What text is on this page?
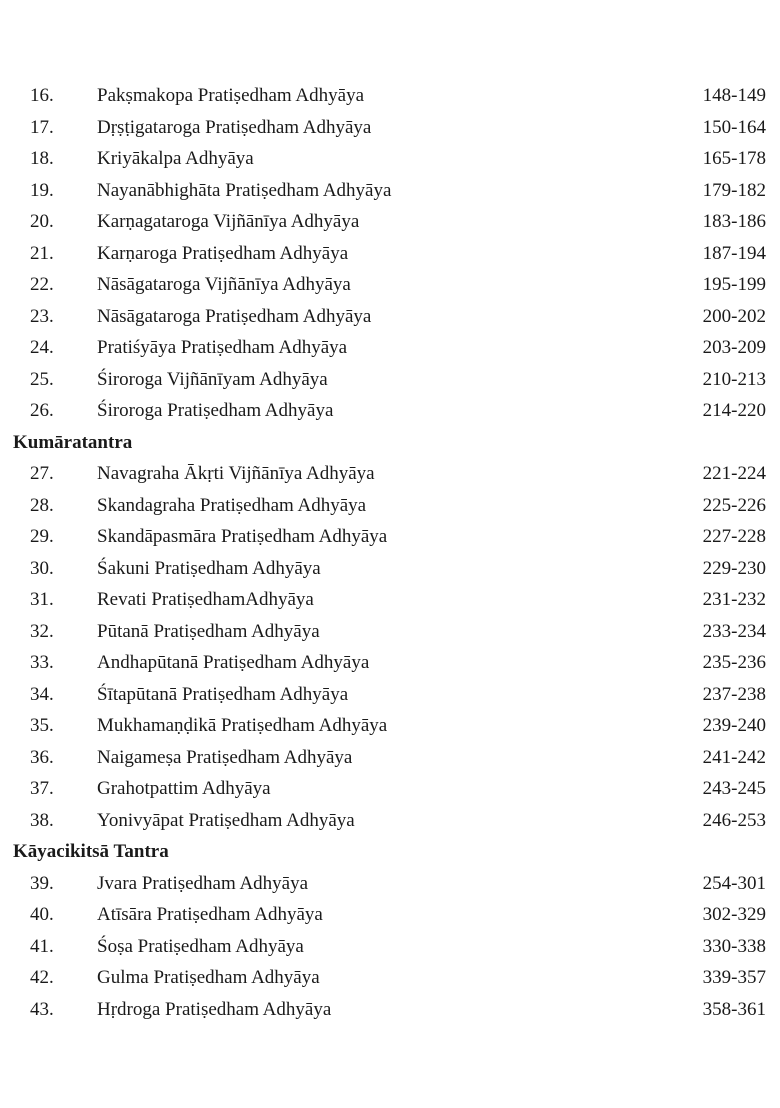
16. Pakṣmakopa Pratiṣedham Adhyāya	148-149
17. Dṛṣṭigataroga Pratiṣedham Adhyāya	150-164
18. Kriyākalpa Adhyāya	165-178
19. Nayanābhighāta Pratiṣedham Adhyāya	179-182
20. Karṇagataroga Vijñānīya Adhyāya	183-186
21. Karṇaroga Pratiṣedham Adhyāya	187-194
22. Nāsāgataroga Vijñānīya Adhyāya	195-199
23. Nāsāgataroga Pratiṣedham Adhyāya	200-202
24. Pratiśyāya Pratiṣedham Adhyāya	203-209
25. Śiroroga Vijñānīyam Adhyāya	210-213
26. Śiroroga Pratiṣedham Adhyāya	214-220
Kumāratantra
27. Navagraha Ākṛti Vijñānīya Adhyāya	221-224
28. Skandagraha Pratiṣedham Adhyāya	225-226
29. Skandāpasmāra Pratiṣedham Adhyāya	227-228
30. Śakuni Pratiṣedham Adhyāya	229-230
31. Revati PratiṣedhamAdhyāya	231-232
32. Pūtanā Pratiṣedham Adhyāya	233-234
33. Andhapūtanā Pratiṣedham Adhyāya	235-236
34. Śītapūtanā Pratiṣedham Adhyāya	237-238
35. Mukhamaṇḍikā Pratiṣedham Adhyāya	239-240
36. Naigameṣa Pratiṣedham Adhyāya	241-242
37. Grahotpattim Adhyāya	243-245
38. Yonivyāpat Pratiṣedham Adhyāya	246-253
Kāyacikitsā Tantra
39. Jvara Pratiṣedham Adhyāya	254-301
40. Atīsāra Pratiṣedham Adhyāya	302-329
41. Śoṣa Pratiṣedham Adhyāya	330-338
42. Gulma Pratiṣedham Adhyāya	339-357
43. Hṛdroga Pratiṣedham Adhyāya	358-361
